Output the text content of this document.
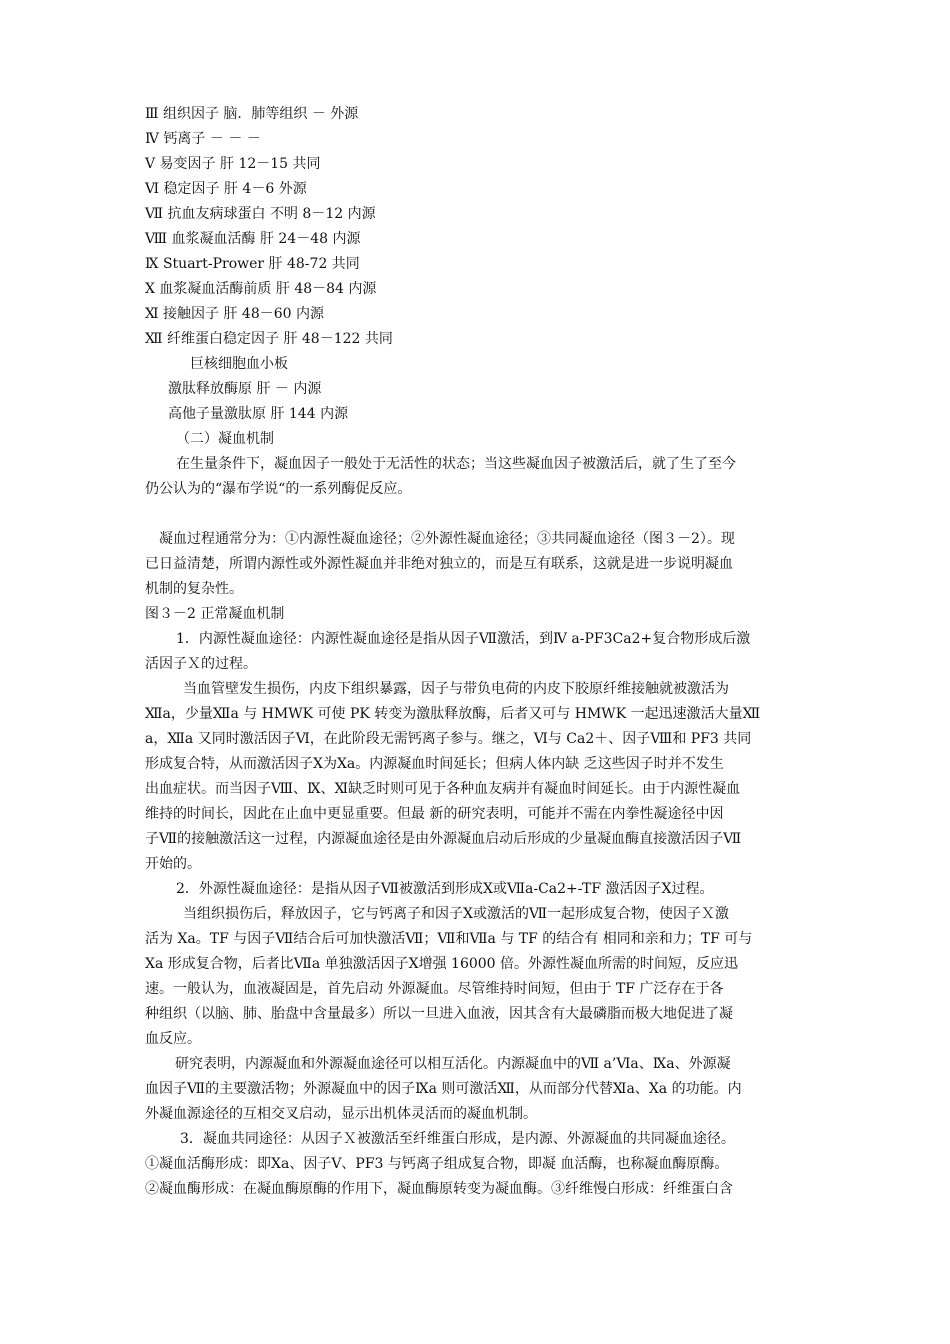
Ⅲ 组织因子 脑．肺等组织 － 外源
Ⅳ 钙离子 － － －
Ⅴ 易变因子 肝 12－15 共同
Ⅵ 稳定因子 肝 4－6 外源
Ⅶ 抗血友病球蛋白 不明 8－12 内源
Ⅷ 血浆凝血活酶 肝 24－48 内源
Ⅸ Stuart-Prower 肝 48-72 共同
Ⅹ 血浆凝血活酶前质 肝 48－84 内源
Ⅺ 接触因子 肝 48－60 内源
Ⅻ 纤维蛋白稳定因子 肝 48－122 共同
巨核细胞血小板
激肽释放酶原 肝 － 内源
高他子量激肽原 肝 144 内源
（二）凝血机制
在生量条件下，凝血因子一般处于无活性的状态；当这些凝血因子被激活后，就了生了至今
仍公认为的“瀑布学说“的一系列酶促反应。
凝血过程通常分为：①内源性凝血途径；②外源性凝血途径；③共同凝血途径（图３－2）。现
已日益清楚，所谓内源性或外源性凝血并非绝对独立的，而是互有联系，这就是进一步说明凝血
机制的复杂性。
图３－2 正常凝血机制
1．内源性凝血途径：内源性凝血途径是指从因子Ⅶ激活，到Ⅳ a-PF3Ca2+复合物形成后激
活因子Ｘ的过程。
当血管壁发生损伤，内皮下组织暴露，因子与带负电荷的内皮下胶原纤维接触就被激活为
Ⅻa，少量Ⅻa 与 HMWK 可使 PK 转变为激肽释放酶，后者又可与 HMWK 一起迅速激活大量Ⅻ
a，Ⅻa 又同时激活因子Ⅵ，在此阶段无需钙离子参与。继之，Ⅵ与 Ca2＋、因子Ⅷ和 PF3 共同
形成复合特，从而激活因子Ⅹ为Ⅹa。内源凝血时间延长；但病人体内缺 乏这些因子时并不发生
出血症状。而当因子Ⅷ、Ⅸ、Ⅺ缺乏时则可见于各种血友病并有凝血时间延长。由于内源性凝血
维持的时间长，因此在止血中更显重要。但最 新的研究表明，可能并不需在内拳性凝途径中因
子Ⅶ的接触激活这一过程，内源凝血途径是由外源凝血启动后形成的少量凝血酶直接激活因子Ⅶ
开始的。
2．外源性凝血途径：是指从因子Ⅶ被激活到形成Ⅹ或Ⅶa-Ca2+-TF 激活因子Ⅹ过程。
当组织损伤后，释放因子，它与钙离子和因子Ⅹ或激活的Ⅶ一起形成复合物，使因子Ｘ激
活为 Xa。TF 与因子Ⅶ结合后可加快激活Ⅶ；Ⅶ和Ⅶa 与 TF 的结合有 相同和亲和力；TF 可与
Ⅹa 形成复合物，后者比Ⅶa 单独激活因子Ⅹ增强 16000 倍。外源性凝血所需的时间短，反应迅
速。一般认为，血液凝固是，首先启动 外源凝血。尽管维持时间短，但由于 TF 广泛存在于各
种组织（以脑、肺、胎盘中含量最多）所以一旦进入血液，因其含有大最磷脂而极大地促进了凝
血反应。
研究表明，内源凝血和外源凝血途径可以相互活化。内源凝血中的Ⅶ a’Ⅵa、Ⅸa、外源凝
血因子Ⅶ的主要激活物；外源凝血中的因子Ⅸa 则可激活Ⅻ，从而部分代替Ⅺa、Ⅹa 的功能。内
外凝血源途径的互相交叉启动，显示出机体灵活而的凝血机制。
3．凝血共同途径：从因子Ｘ被激活至纤维蛋白形成，是内源、外源凝血的共同凝血途径。
①凝血活酶形成：即Ⅹa、因子Ⅴ、PF3 与钙离子组成复合物，即凝 血活酶，也称凝血酶原酶。
②凝血酶形成：在凝血酶原酶的作用下，凝血酶原转变为凝血酶。③纤维慢白形成：纤维蛋白含
